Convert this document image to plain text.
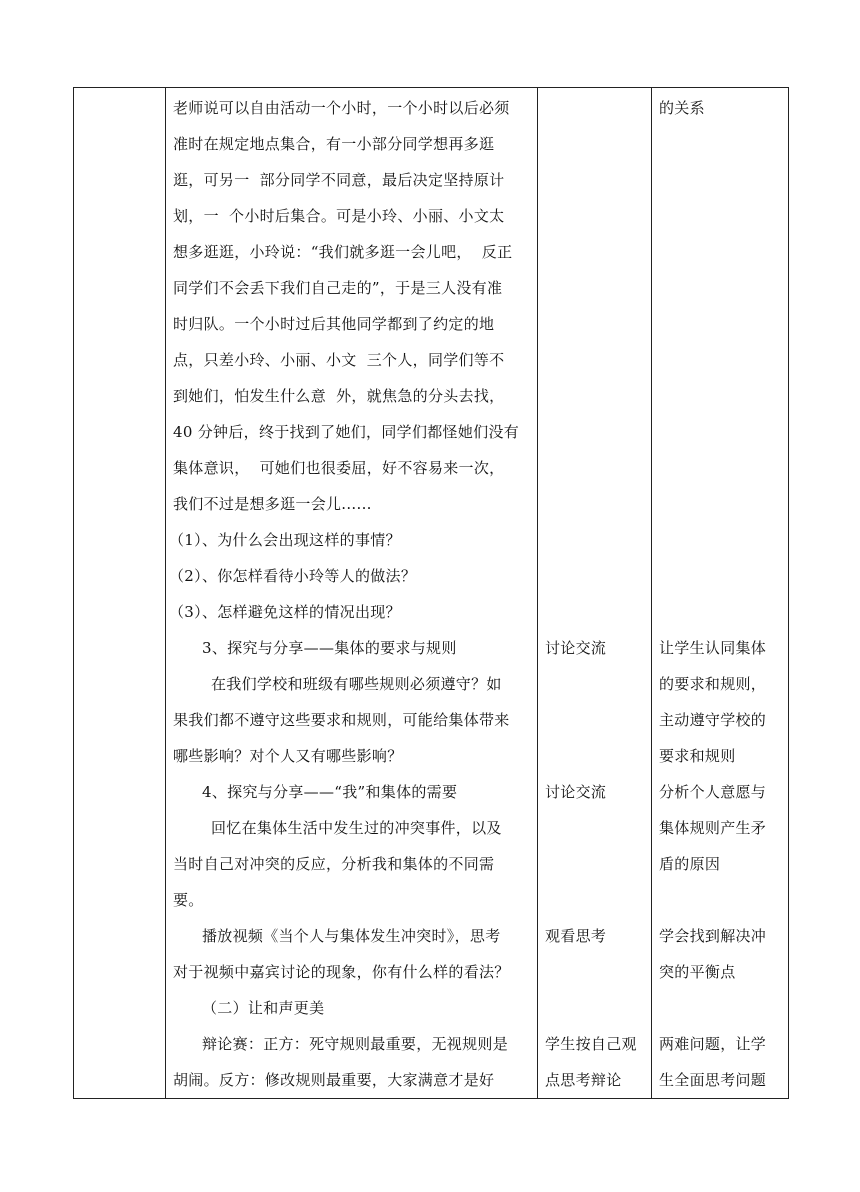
老师说可以自由活动一个小时，一个小时以后必须
准时在规定地点集合，有一小部分同学想再多逛
逛，可另一  部分同学不同意，最后决定坚持原计
划，一  个小时后集合。可是小玲、小丽、小文太
想多逛逛，小玲说：“我们就多逛一会儿吧，  反正
同学们不会丢下我们自己走的”，于是三人没有准
时归队。一个小时过后其他同学都到了约定的地
点，只差小玲、小丽、小文  三个人，同学们等不
到她们，怕发生什么意  外，就焦急的分头去找，
40 分钟后，终于找到了她们，同学们都怪她们没有
集体意识，  可她们也很委屈，好不容易来一次，
我们不过是想多逛一会儿......
（1）、为什么会出现这样的事情？
（2）、你怎样看待小玲等人的做法？
（3）、怎样避免这样的情况出现？
3、探究与分享——集体的要求与规则
在我们学校和班级有哪些规则必须遵守？如
果我们都不遵守这些要求和规则，可能给集体带来
哪些影响？对个人又有哪些影响？
4、探究与分享——“我”和集体的需要
回忆在集体生活中发生过的冲突事件，以及
当时自己对冲突的反应，分析我和集体的不同需
要。
播放视频《当个人与集体发生冲突时》，思考
对于视频中嘉宾讨论的现象，你有什么样的看法？
（二）让和声更美
辩论赛：正方：死守规则最重要，无视规则是
胡闹。反方：修改规则最重要，大家满意才是好
讨论交流
讨论交流
观看思考
学生按自己观
点思考辩论
的关系
让学生认同集体
的要求和规则，
主动遵守学校的
要求和规则
分析个人意愿与
集体规则产生矛
盾的原因
学会找到解决冲
突的平衡点
两难问题，让学
生全面思考问题
